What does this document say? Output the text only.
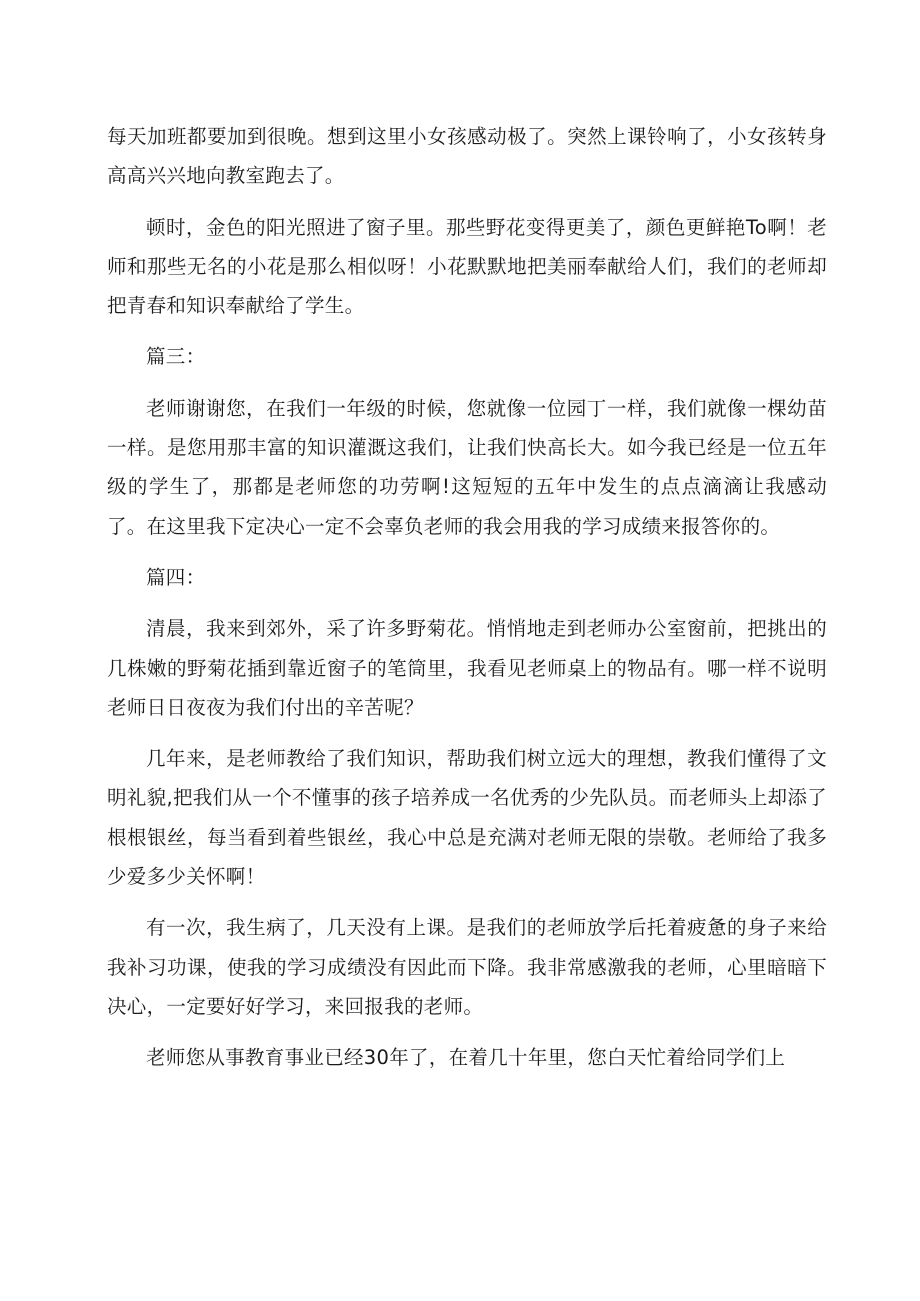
每天加班都要加到很晚。想到这里小女孩感动极了。突然上课铃响了，小女孩转身高高兴兴地向教室跑去了。

顿时，金色的阳光照进了窗子里。那些野花变得更美了，颜色更鲜艳To啊！老师和那些无名的小花是那么相似呀！小花默默地把美丽奉献给人们，我们的老师却把青春和知识奉献给了学生。

篇三：

老师谢谢您，在我们一年级的时候，您就像一位园丁一样，我们就像一棵幼苗一样。是您用那丰富的知识灌溉这我们，让我们快高长大。如今我已经是一位五年级的学生了，那都是老师您的功劳啊!这短短的五年中发生的点点滴滴让我感动了。在这里我下定决心一定不会辜负老师的我会用我的学习成绩来报答你的。

篇四：

清晨，我来到郊外，采了许多野菊花。悄悄地走到老师办公室窗前，把挑出的几株嫩的野菊花插到靠近窗子的笔筒里，我看见老师桌上的物品有。哪一样不说明老师日日夜夜为我们付出的辛苦呢？

几年来，是老师教给了我们知识，帮助我们树立远大的理想，教我们懂得了文明礼貌,把我们从一个不懂事的孩子培养成一名优秀的少先队员。而老师头上却添了根根银丝，每当看到着些银丝，我心中总是充满对老师无限的崇敬。老师给了我多少爱多少关怀啊！

有一次，我生病了，几天没有上课。是我们的老师放学后托着疲惫的身子来给我补习功课，使我的学习成绩没有因此而下降。我非常感激我的老师，心里暗暗下决心，一定要好好学习，来回报我的老师。

老师您从事教育事业已经30年了，在着几十年里，您白天忙着给同学们上
